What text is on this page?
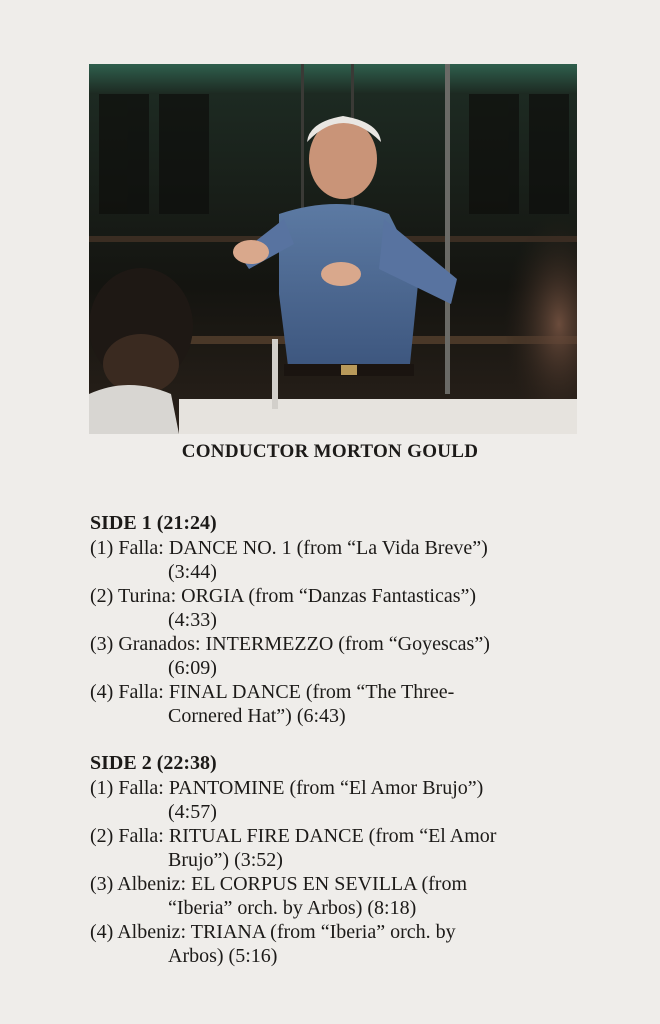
CONDUCTOR MORTON GOULD
SIDE 1 (21:24)
(1) Falla: DANCE NO. 1 (from “La Vida Breve”)
(3:44)
(2) Turina: ORGIA (from “Danzas Fantasticas”)
(4:33)
(3) Granados: INTERMEZZO (from “Goyescas”)
(6:09)
(4) Falla: FINAL DANCE (from “The Three-
Cornered Hat”) (6:43)
SIDE 2 (22:38)
(1) Falla: PANTOMINE (from “El Amor Brujo”)
(4:57)
(2) Falla: RITUAL FIRE DANCE (from “El Amor
Brujo”) (3:52)
(3) Albeniz: EL CORPUS EN SEVILLA (from
“Iberia” orch. by Arbos) (8:18)
(4) Albeniz: TRIANA (from “Iberia” orch. by
Arbos) (5:16)
